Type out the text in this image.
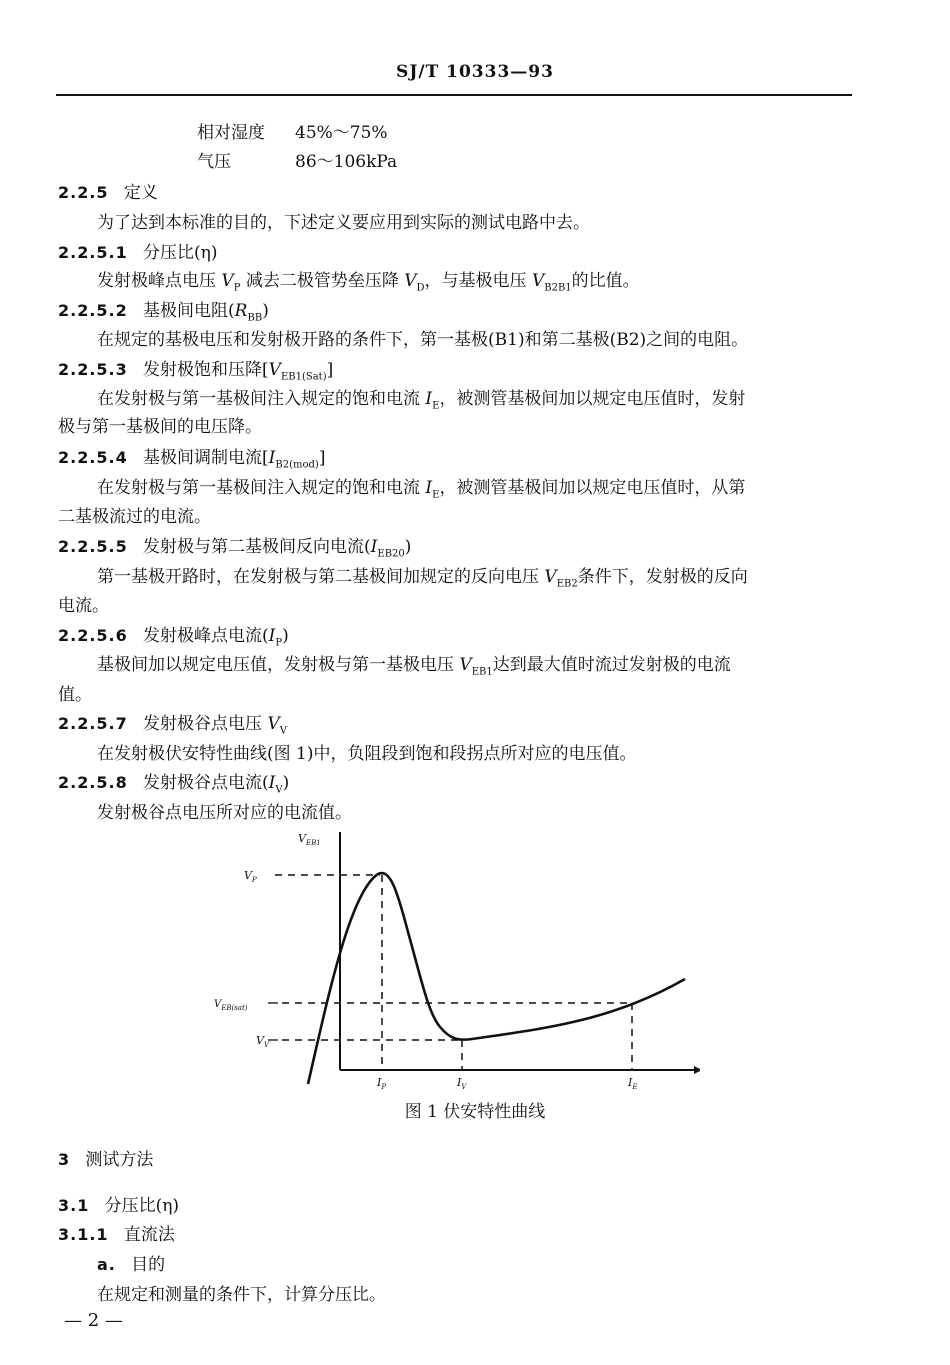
SJ/T 10333—93
相对湿度 45%～75%
气压	86～106kPa
2.2.5 定义
为了达到本标准的目的，下述定义要应用到实际的测试电路中去。
2.2.5.1 分压比(η)
发射极峰点电压 $V_P$ 减去二极管势垒压降 $V_D$，与基极电压 $V_{B2B1}$的比值。
2.2.5.2 基极间电阻$(R_{BB})$
在规定的基极电压和发射极开路的条件下，第一基极(B1)和第二基极(B2)之间的电阻。
2.2.5.3 发射极饱和压降$[V_{EB1(Sat)}]$
在发射极与第一基极间注入规定的饱和电流 $I_E$，被测管基极间加以规定电压值时，发射
极与第一基极间的电压降。
2.2.5.4 基极间调制电流$[I_{B2(mod)}]$
在发射极与第一基极间注入规定的饱和电流 $I_E$，被测管基极间加以规定电压值时，从第
二基极流过的电流。
2.2.5.5 发射极与第二基极间反向电流$(I_{EB20})$
第一基极开路时，在发射极与第二基极间加规定的反向电压 $V_{EB2}$条件下，发射极的反向
电流。
2.2.5.6 发射极峰点电流$(I_P)$
基极间加以规定电压值，发射极与第一基极电压 $V_{EB1}$达到最大值时流过发射极的电流
值。
2.2.5.7 发射极谷点电压 $V_V$
在发射极伏安特性曲线(图 1)中，负阻段到饱和段拐点所对应的电压值。
2.2.5.8 发射极谷点电流$(I_V)$
发射极谷点电压所对应的电流值。
$V_{EB1}$
$V_P$
$V_{EB(sat)}$
$V_V$
$I_P$	$I_V$	$I_E$
图 1 伏安特性曲线
3 测试方法
3.1 分压比(η)
3.1.1 直流法
a. 目的
在规定和测量的条件下，计算分压比。
— 2 —
